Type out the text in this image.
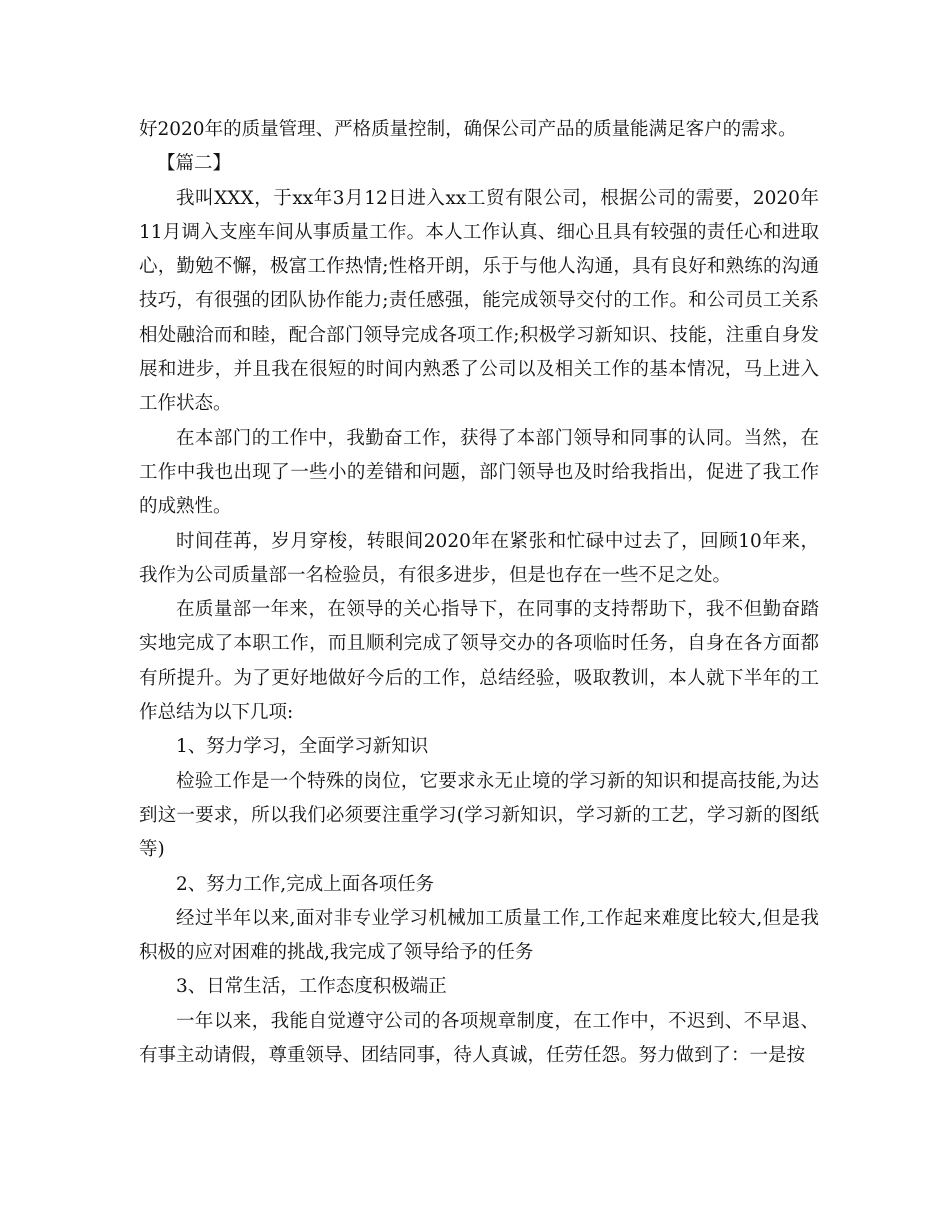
好2020年的质量管理、严格质量控制，确保公司产品的质量能满足客户的需求。

【篇二】

我叫XXX，于xx年3月12日进入xx工贸有限公司，根据公司的需要，2020年11月调入支座车间从事质量工作。本人工作认真、细心且具有较强的责任心和进取心，勤勉不懈，极富工作热情;性格开朗，乐于与他人沟通，具有良好和熟练的沟通技巧，有很强的团队协作能力;责任感强，能完成领导交付的工作。和公司员工关系相处融洽而和睦，配合部门领导完成各项工作;积极学习新知识、技能，注重自身发展和进步，并且我在很短的时间内熟悉了公司以及相关工作的基本情况，马上进入工作状态。

在本部门的工作中，我勤奋工作，获得了本部门领导和同事的认同。当然，在工作中我也出现了一些小的差错和问题，部门领导也及时给我指出，促进了我工作的成熟性。

时间荏苒，岁月穿梭，转眼间2020年在紧张和忙碌中过去了，回顾10年来，我作为公司质量部一名检验员，有很多进步，但是也存在一些不足之处。

在质量部一年来，在领导的关心指导下，在同事的支持帮助下，我不但勤奋踏实地完成了本职工作，而且顺利完成了领导交办的各项临时任务，自身在各方面都有所提升。为了更好地做好今后的工作，总结经验，吸取教训，本人就下半年的工作总结为以下几项:

1、努力学习，全面学习新知识

检验工作是一个特殊的岗位，它要求永无止境的学习新的知识和提高技能,为达到这一要求，所以我们必须要注重学习(学习新知识，学习新的工艺，学习新的图纸等)

2、努力工作,完成上面各项任务

经过半年以来,面对非专业学习机械加工质量工作,工作起来难度比较大,但是我积极的应对困难的挑战,我完成了领导给予的任务

3、日常生活，工作态度积极端正

一年以来，我能自觉遵守公司的各项规章制度，在工作中，不迟到、不早退、有事主动请假，尊重领导、团结同事，待人真诚，任劳任怨。努力做到了：一是按
